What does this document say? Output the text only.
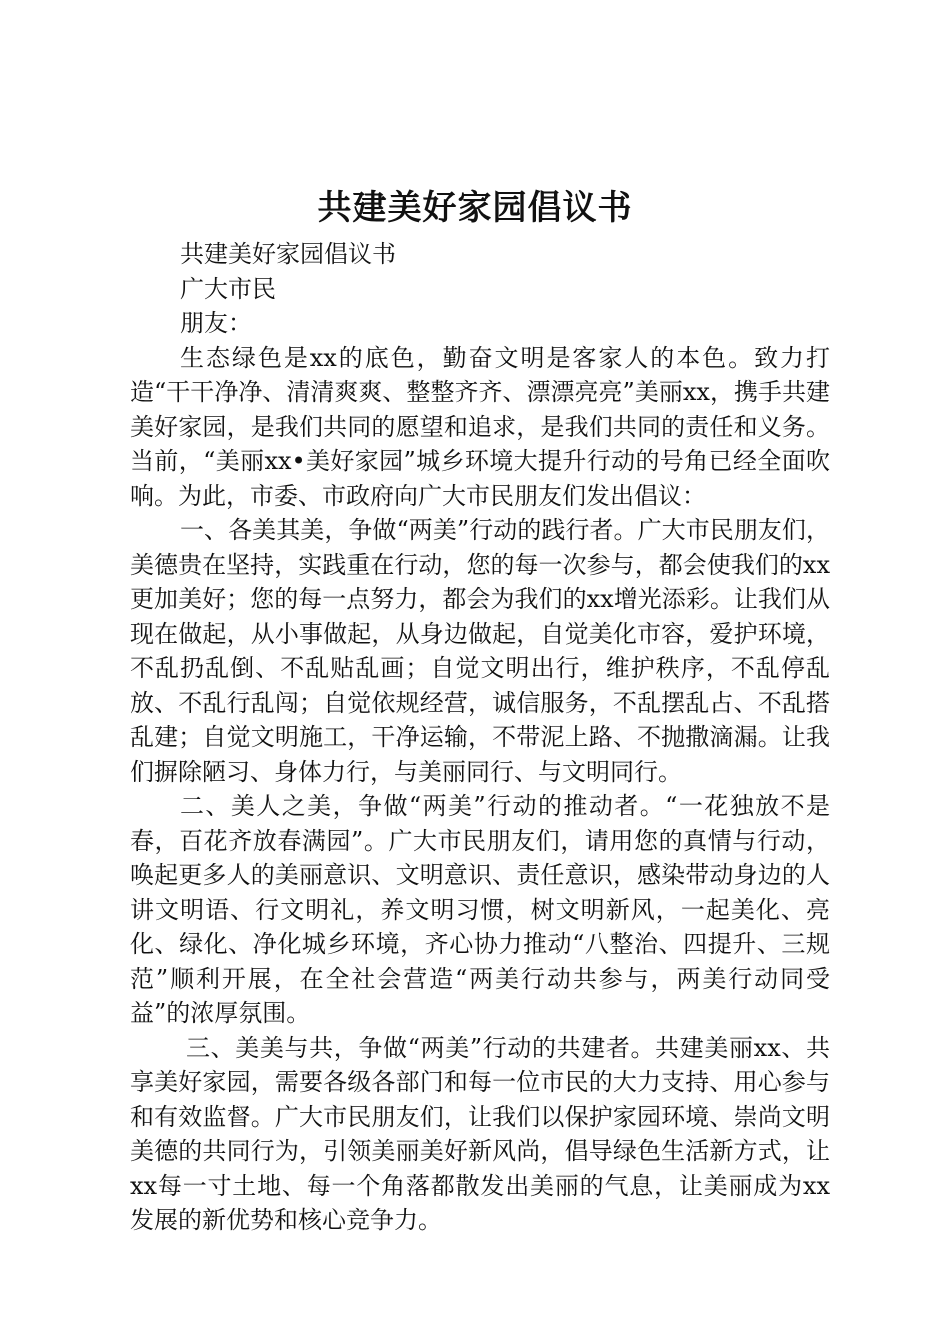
共建美好家园倡议书

共建美好家园倡议书

广大市民

朋友：

生态绿色是xx的底色，勤奋文明是客家人的本色。致力打造“干干净净、清清爽爽、整整齐齐、漂漂亮亮”美丽xx，携手共建美好家园，是我们共同的愿望和追求，是我们共同的责任和义务。当前，“美丽xx•美好家园”城乡环境大提升行动的号角已经全面吹响。为此，市委、市政府向广大市民朋友们发出倡议：

一、各美其美，争做“两美”行动的践行者。广大市民朋友们，美德贵在坚持，实践重在行动，您的每一次参与，都会使我们的xx更加美好；您的每一点努力，都会为我们的xx增光添彩。让我们从现在做起，从小事做起，从身边做起，自觉美化市容，爱护环境，不乱扔乱倒、不乱贴乱画；自觉文明出行，维护秩序，不乱停乱放、不乱行乱闯；自觉依规经营，诚信服务，不乱摆乱占、不乱搭乱建；自觉文明施工，干净运输，不带泥上路、不抛撒滴漏。让我们摒除陋习、身体力行，与美丽同行、与文明同行。

二、美人之美，争做“两美”行动的推动者。“一花独放不是春，百花齐放春满园”。广大市民朋友们，请用您的真情与行动，唤起更多人的美丽意识、文明意识、责任意识，感染带动身边的人讲文明语、行文明礼，养文明习惯，树文明新风，一起美化、亮化、绿化、净化城乡环境，齐心协力推动“八整治、四提升、三规范”顺利开展，在全社会营造“两美行动共参与，两美行动同受益”的浓厚氛围。

三、美美与共，争做“两美”行动的共建者。共建美丽xx、共享美好家园，需要各级各部门和每一位市民的大力支持、用心参与和有效监督。广大市民朋友们，让我们以保护家园环境、崇尚文明美德的共同行为，引领美丽美好新风尚，倡导绿色生活新方式，让xx每一寸土地、每一个角落都散发出美丽的气息，让美丽成为xx发展的新优势和核心竞争力。
